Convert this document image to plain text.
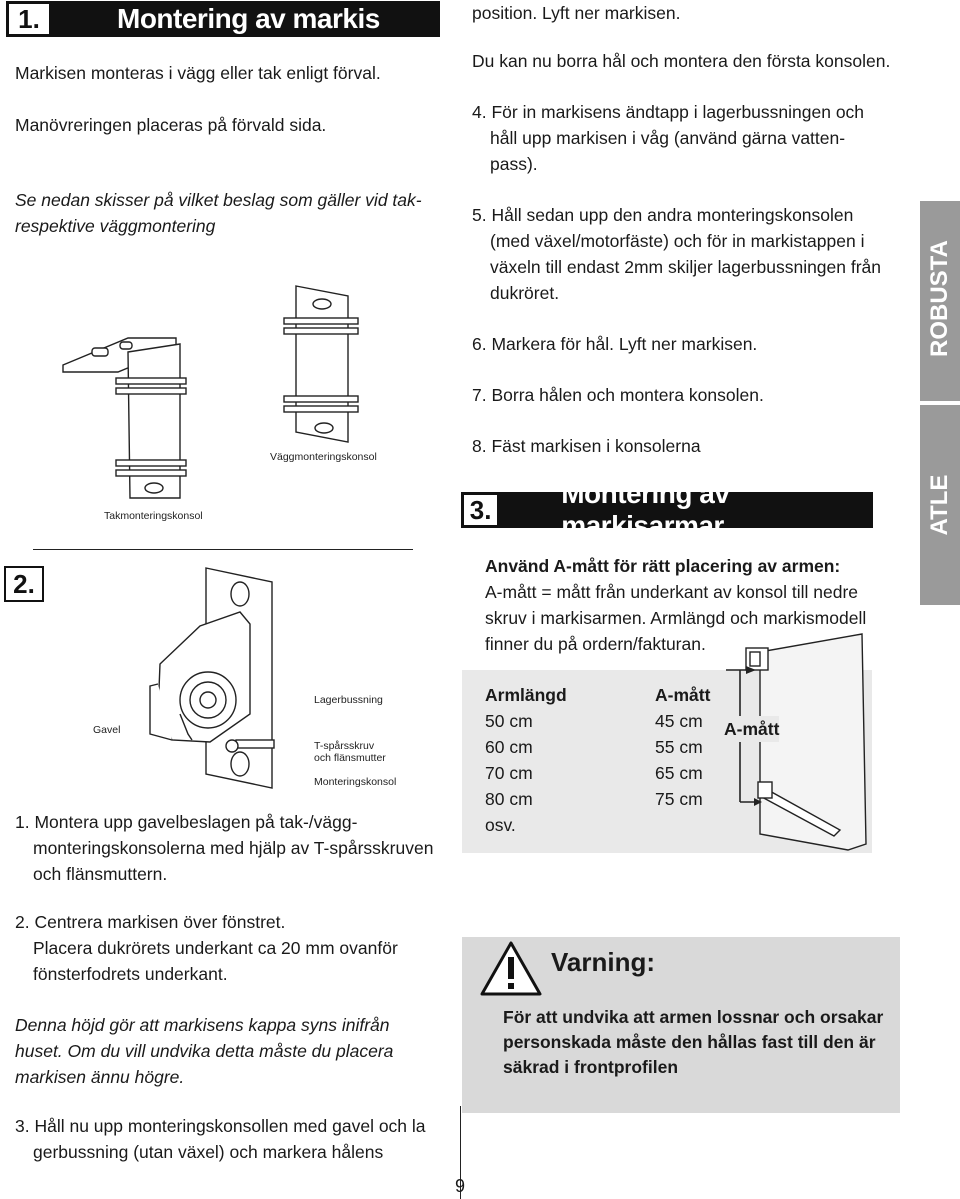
1.	Montering av markis
Markisen monteras i vägg eller tak enligt förval.
Manövreringen placeras på förvald sida.
Se nedan skisser på vilket beslag som gäller vid tak-
respektive väggmontering
Takmonteringskonsol
Väggmonteringskonsol
2.
Gavel
Lagerbussning
T-spårsskruv
och flänsmutter
Monteringskonsol
1. Montera upp gavelbeslagen på tak-/vägg-
monteringskonsolerna med hjälp av T-spårsskruven
och flänsmuttern.
2. Centrera markisen över fönstret.
Placera dukrörets underkant ca 20 mm ovanför
fönsterfodrets underkant.
Denna höjd gör att markisens kappa syns inifrån
huset. Om du vill undvika detta måste du placera
markisen ännu högre.
3. Håll nu upp monteringskonsollen med gavel och la
gerbussning (utan växel) och markera hålens
9
position. Lyft ner markisen.
Du kan nu borra hål och montera den första konsolen.
4. För in markisens ändtapp i lagerbussningen och
håll upp markisen i våg (använd gärna vatten-
pass).
5. Håll sedan upp den andra monteringskonsolen
(med växel/motorfäste) och för in markistappen i
växeln till endast 2mm skiljer lagerbussningen från
dukröret.
6. Markera för hål. Lyft ner markisen.
7. Borra hålen och montera konsolen.
8. Fäst markisen i konsolerna
3.
Montering av markisarmar
Använd A-mått för rätt placering av armen:
A-mått = mått från underkant av konsol till nedre
skruv i markisarmen. Armlängd och markismodell
finner du på ordern/fakturan.
Armlängd	A-mått
50 cm	45 cm
60 cm	55 cm
70 cm	65 cm
80 cm	75 cm
osv.
A-mått
Varning:
För att undvika att armen lossnar och orsakar
personskada måste den hållas fast till den är
säkrad i frontprofilen
ROBUSTA
ATLE
